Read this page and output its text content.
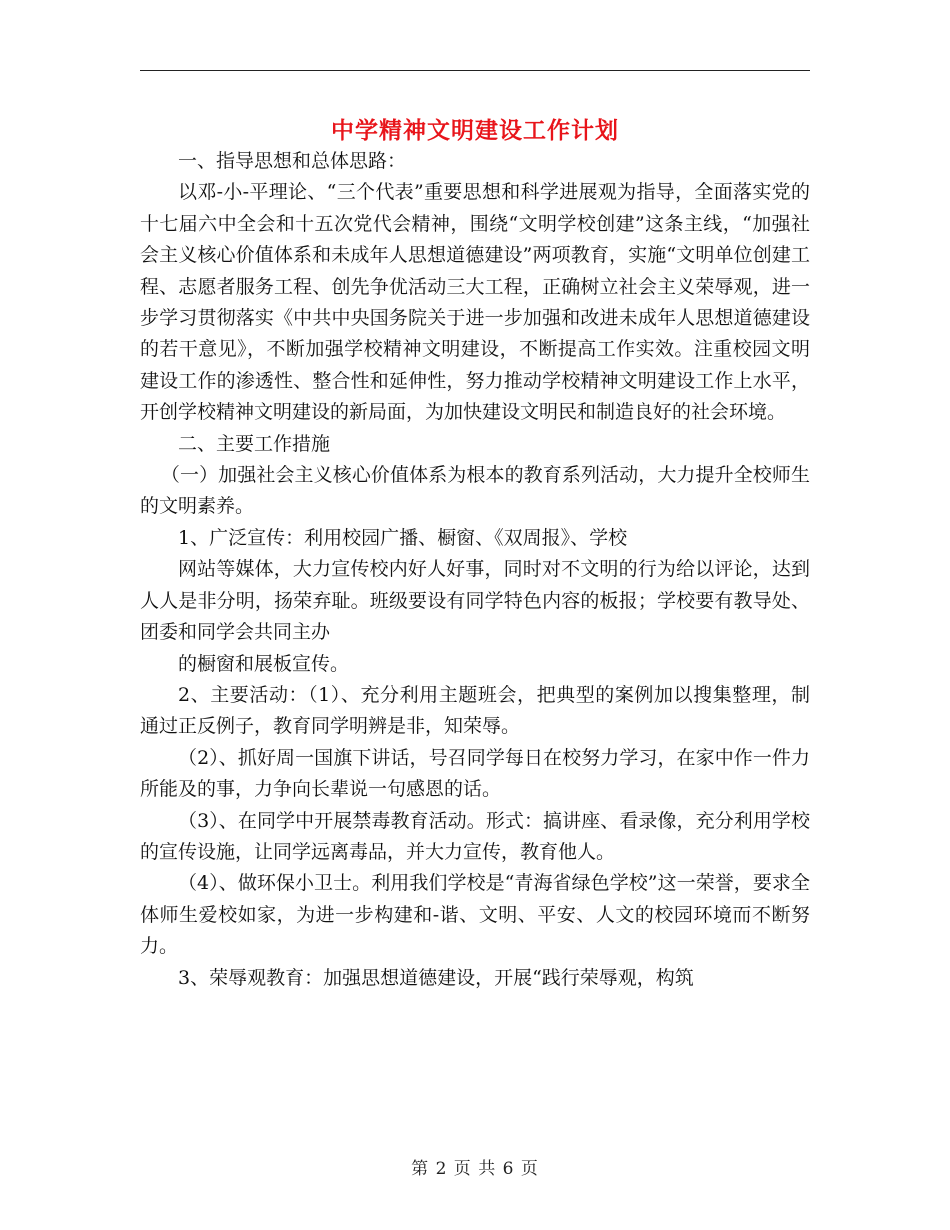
中学精神文明建设工作计划

一、指导思想和总体思路：

以邓-小-平理论、“三个代表”重要思想和科学进展观为指导，全面落实党的十七届六中全会和十五次党代会精神，围绕“文明学校创建”这条主线，“加强社会主义核心价值体系和未成年人思想道德建设”两项教育，实施“文明单位创建工程、志愿者服务工程、创先争优活动三大工程，正确树立社会主义荣辱观，进一步学习贯彻落实《中共中央国务院关于进一步加强和改进未成年人思想道德建设的若干意见》，不断加强学校精神文明建设，不断提高工作实效。注重校园文明建设工作的渗透性、整合性和延伸性，努力推动学校精神文明建设工作上水平，开创学校精神文明建设的新局面，为加快建设文明民和制造良好的社会环境。

二、主要工作措施

（一）加强社会主义核心价值体系为根本的教育系列活动，大力提升全校师生的文明素养。

1、广泛宣传：利用校园广播、橱窗、《双周报》、学校

网站等媒体，大力宣传校内好人好事，同时对不文明的行为给以评论，达到人人是非分明，扬荣弃耻。班级要设有同学特色内容的板报；学校要有教导处、团委和同学会共同主办

的橱窗和展板宣传。

2、主要活动：（1）、充分利用主题班会，把典型的案例加以搜集整理，制通过正反例子，教育同学明辨是非，知荣辱。

（2）、抓好周一国旗下讲话，号召同学每日在校努力学习，在家中作一件力所能及的事，力争向长辈说一句感恩的话。

（3）、在同学中开展禁毒教育活动。形式：搞讲座、看录像，充分利用学校的宣传设施，让同学远离毒品，并大力宣传，教育他人。

（4）、做环保小卫士。利用我们学校是“青海省绿色学校”这一荣誉，要求全体师生爱校如家，为进一步构建和-谐、文明、平安、人文的校园环境而不断努力。

3、荣辱观教育：加强思想道德建设，开展“践行荣辱观，构筑

第 2 页 共 6 页
